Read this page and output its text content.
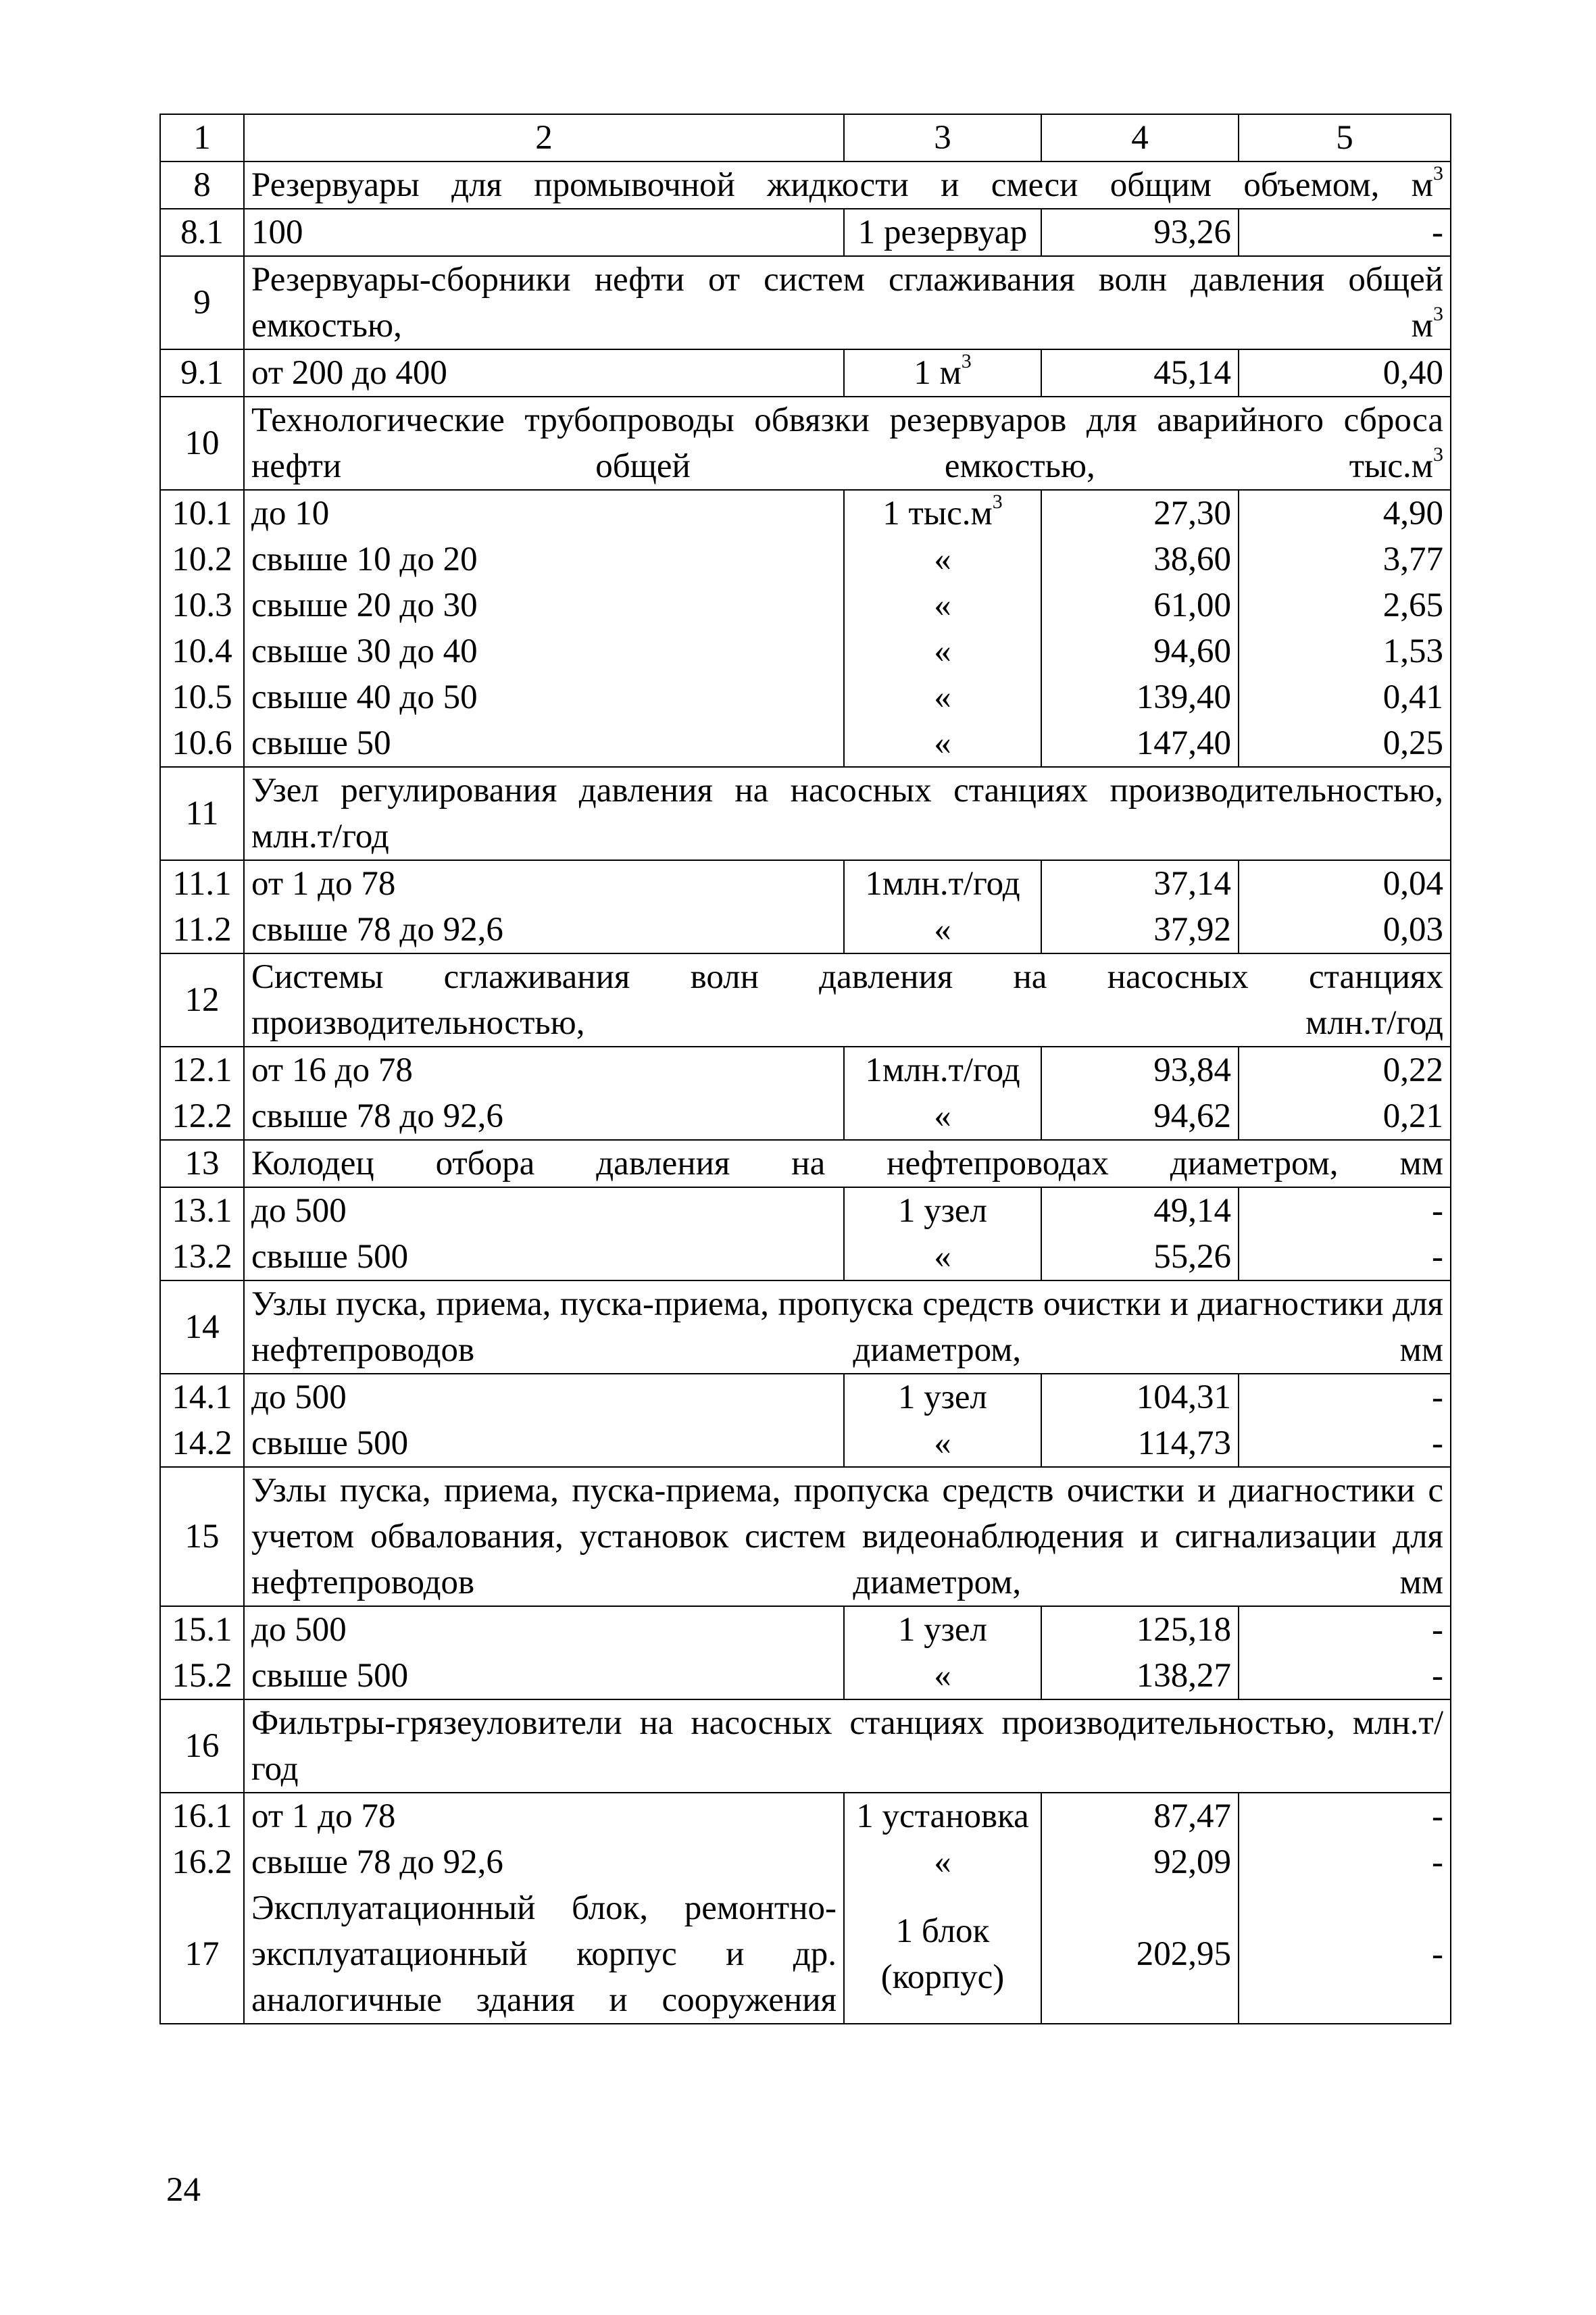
1	2	3	4	5
8	Резервуары для промывочной жидкости и смеси общим объемом, $м^3$
8.1	100	1 резервуар	93,26	-
9	Резервуары-сборники нефти от систем сглаживания волн давления общей емкостью, $м^3$
9.1	от 200 до 400	1 $м^3$	45,14	0,40
10	Технологические трубопроводы обвязки резервуаров для аварийного сброса нефти общей емкостью, $тыс.м^3$
10.1	до 10	1 $тыс.м^3$	27,30	4,90
10.2	свыше 10 до 20	«	38,60	3,77
10.3	свыше 20 до 30	«	61,00	2,65
10.4	свыше 30 до 40	«	94,60	1,53
10.5	свыше 40 до 50	«	139,40	0,41
10.6	свыше 50	«	147,40	0,25
11	Узел регулирования давления на насосных станциях производительностью, млн.т/год			
11.1	от 1 до 78	1млн.т/год	37,14	0,04
11.2	свыше 78 до 92,6	«	37,92	0,03
12	Системы сглаживания волн давления на насосных станциях производительностью, млн.т/год			
12.1	от 16 до 78	1млн.т/год	93,84	0,22
12.2	свыше 78 до 92,6	«	94,62	0,21
13	Колодец отбора давления на нефтепроводах диаметром, мм			
13.1	до 500	1 узел	49,14	-
13.2	свыше 500	«	55,26	-
14	Узлы пуска, приема, пуска-приема, пропуска средств очистки и диагностики для нефтепроводов диаметром, мм			
14.1	до 500	1 узел	104,31	-
14.2	свыше 500	«	114,73	-
15	Узлы пуска, приема, пуска-приема, пропуска средств очистки и диагностики с учетом обвалования, установок систем видеонаблюдения и сигнализации для нефтепроводов диаметром, мм			
15.1	до 500	1 узел	125,18	-
15.2	свыше 500	«	138,27	-
16	Фильтры-грязеуловители на насосных станциях производительностью, млн.т/год			
16.1	от 1 до 78	1 установка	87,47	-
16.2	свыше 78 до 92,6	«	92,09	-
17	Эксплуатационный блок, ремонтно-эксплуатационный корпус и др. аналогичные здания и сооружения	1 блок (корпус)	202,95	-
24
